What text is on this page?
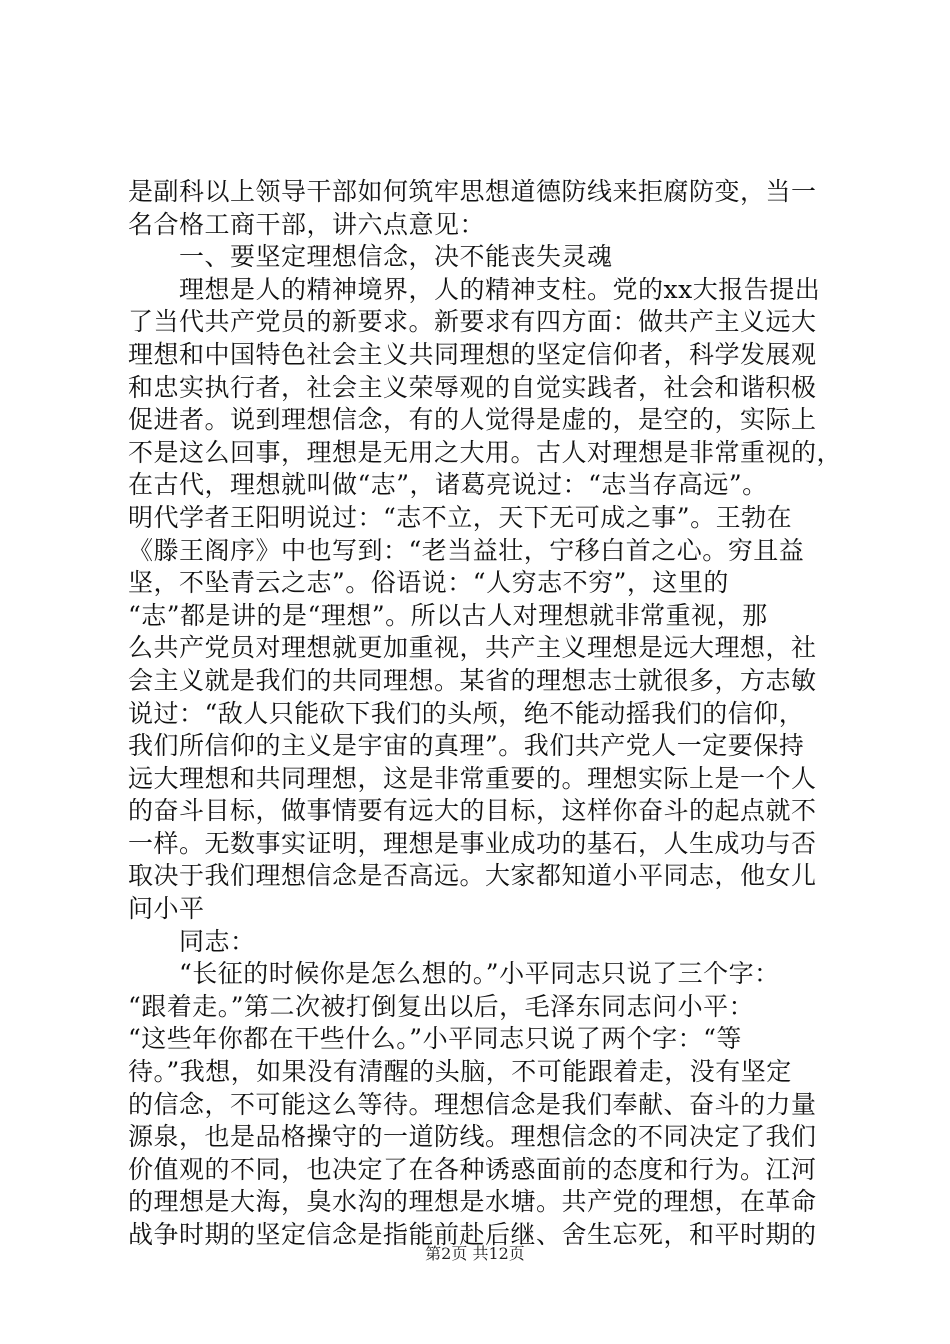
是副科以上领导干部如何筑牢思想道德防线来拒腐防变，当一
名合格工商干部，讲六点意见：
　　一、要坚定理想信念，决不能丧失灵魂
　　理想是人的精神境界，人的精神支柱。党的xx大报告提出
了当代共产党员的新要求。新要求有四方面：做共产主义远大
理想和中国特色社会主义共同理想的坚定信仰者，科学发展观
和忠实执行者，社会主义荣辱观的自觉实践者，社会和谐积极
促进者。说到理想信念，有的人觉得是虚的，是空的，实际上
不是这么回事，理想是无用之大用。古人对理想是非常重视的，
在古代，理想就叫做“志”，诸葛亮说过：“志当存高远”。
明代学者王阳明说过：“志不立，天下无可成之事”。王勃在
《滕王阁序》中也写到：“老当益壮，宁移白首之心。穷且益
坚，不坠青云之志”。俗语说：“人穷志不穷”，这里的
“志”都是讲的是“理想”。所以古人对理想就非常重视，那
么共产党员对理想就更加重视，共产主义理想是远大理想，社
会主义就是我们的共同理想。某省的理想志士就很多，方志敏
说过：“敌人只能砍下我们的头颅，绝不能动摇我们的信仰，
我们所信仰的主义是宇宙的真理”。我们共产党人一定要保持
远大理想和共同理想，这是非常重要的。理想实际上是一个人
的奋斗目标，做事情要有远大的目标，这样你奋斗的起点就不
一样。无数事实证明，理想是事业成功的基石，人生成功与否
取决于我们理想信念是否高远。大家都知道小平同志，他女儿
问小平
　　同志：
　　“长征的时候你是怎么想的。”小平同志只说了三个字：
“跟着走。”第二次被打倒复出以后，毛泽东同志问小平：
“这些年你都在干些什么。”小平同志只说了两个字：“等
待。”我想，如果没有清醒的头脑，不可能跟着走，没有坚定
的信念，不可能这么等待。理想信念是我们奉献、奋斗的力量
源泉，也是品格操守的一道防线。理想信念的不同决定了我们
价值观的不同，也决定了在各种诱惑面前的态度和行为。江河
的理想是大海，臭水沟的理想是水塘。共产党的理想，在革命
战争时期的坚定信念是指能前赴后继、舍生忘死，和平时期的
第2页 共12页
